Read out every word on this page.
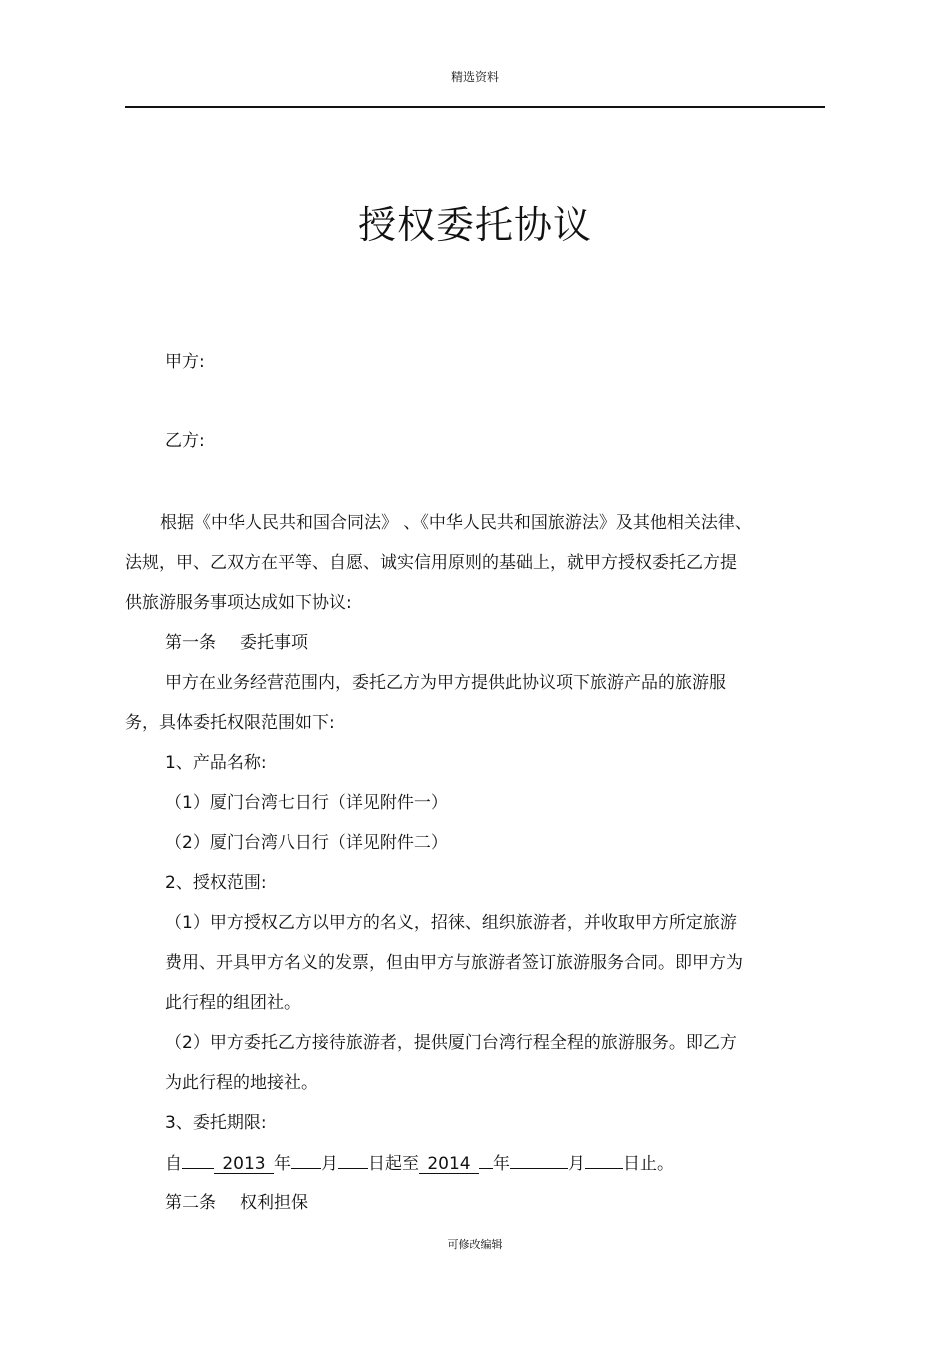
精选资料
授权委托协议
甲方:
乙方:
根据《中华人民共和国合同法》 、《中华人民共和国旅游法》及其他相关法律、
法规，甲、乙双方在平等、自愿、诚实信用原则的基础上，就甲方授权委托乙方提
供旅游服务事项达成如下协议:
第一条 委托事项
甲方在业务经营范围内，委托乙方为甲方提供此协议项下旅游产品的旅游服
务，具体委托权限范围如下:
1、产品名称:
（1）厦门台湾七日行（详见附件一）
（2）厦门台湾八日行（详见附件二）
2、授权范围:
（1）甲方授权乙方以甲方的名义，招徕、组织旅游者，并收取甲方所定旅游
费用、开具甲方名义的发票，但由甲方与旅游者签订旅游服务合同。即甲方为
此行程的组团社。
（2）甲方委托乙方接待旅游者，提供厦门台湾行程全程的旅游服务。即乙方
为此行程的地接社。
3、委托期限:
自 2013 年 月 日起至 2014 年	月 日止。
第二条 权利担保
可修改编辑
